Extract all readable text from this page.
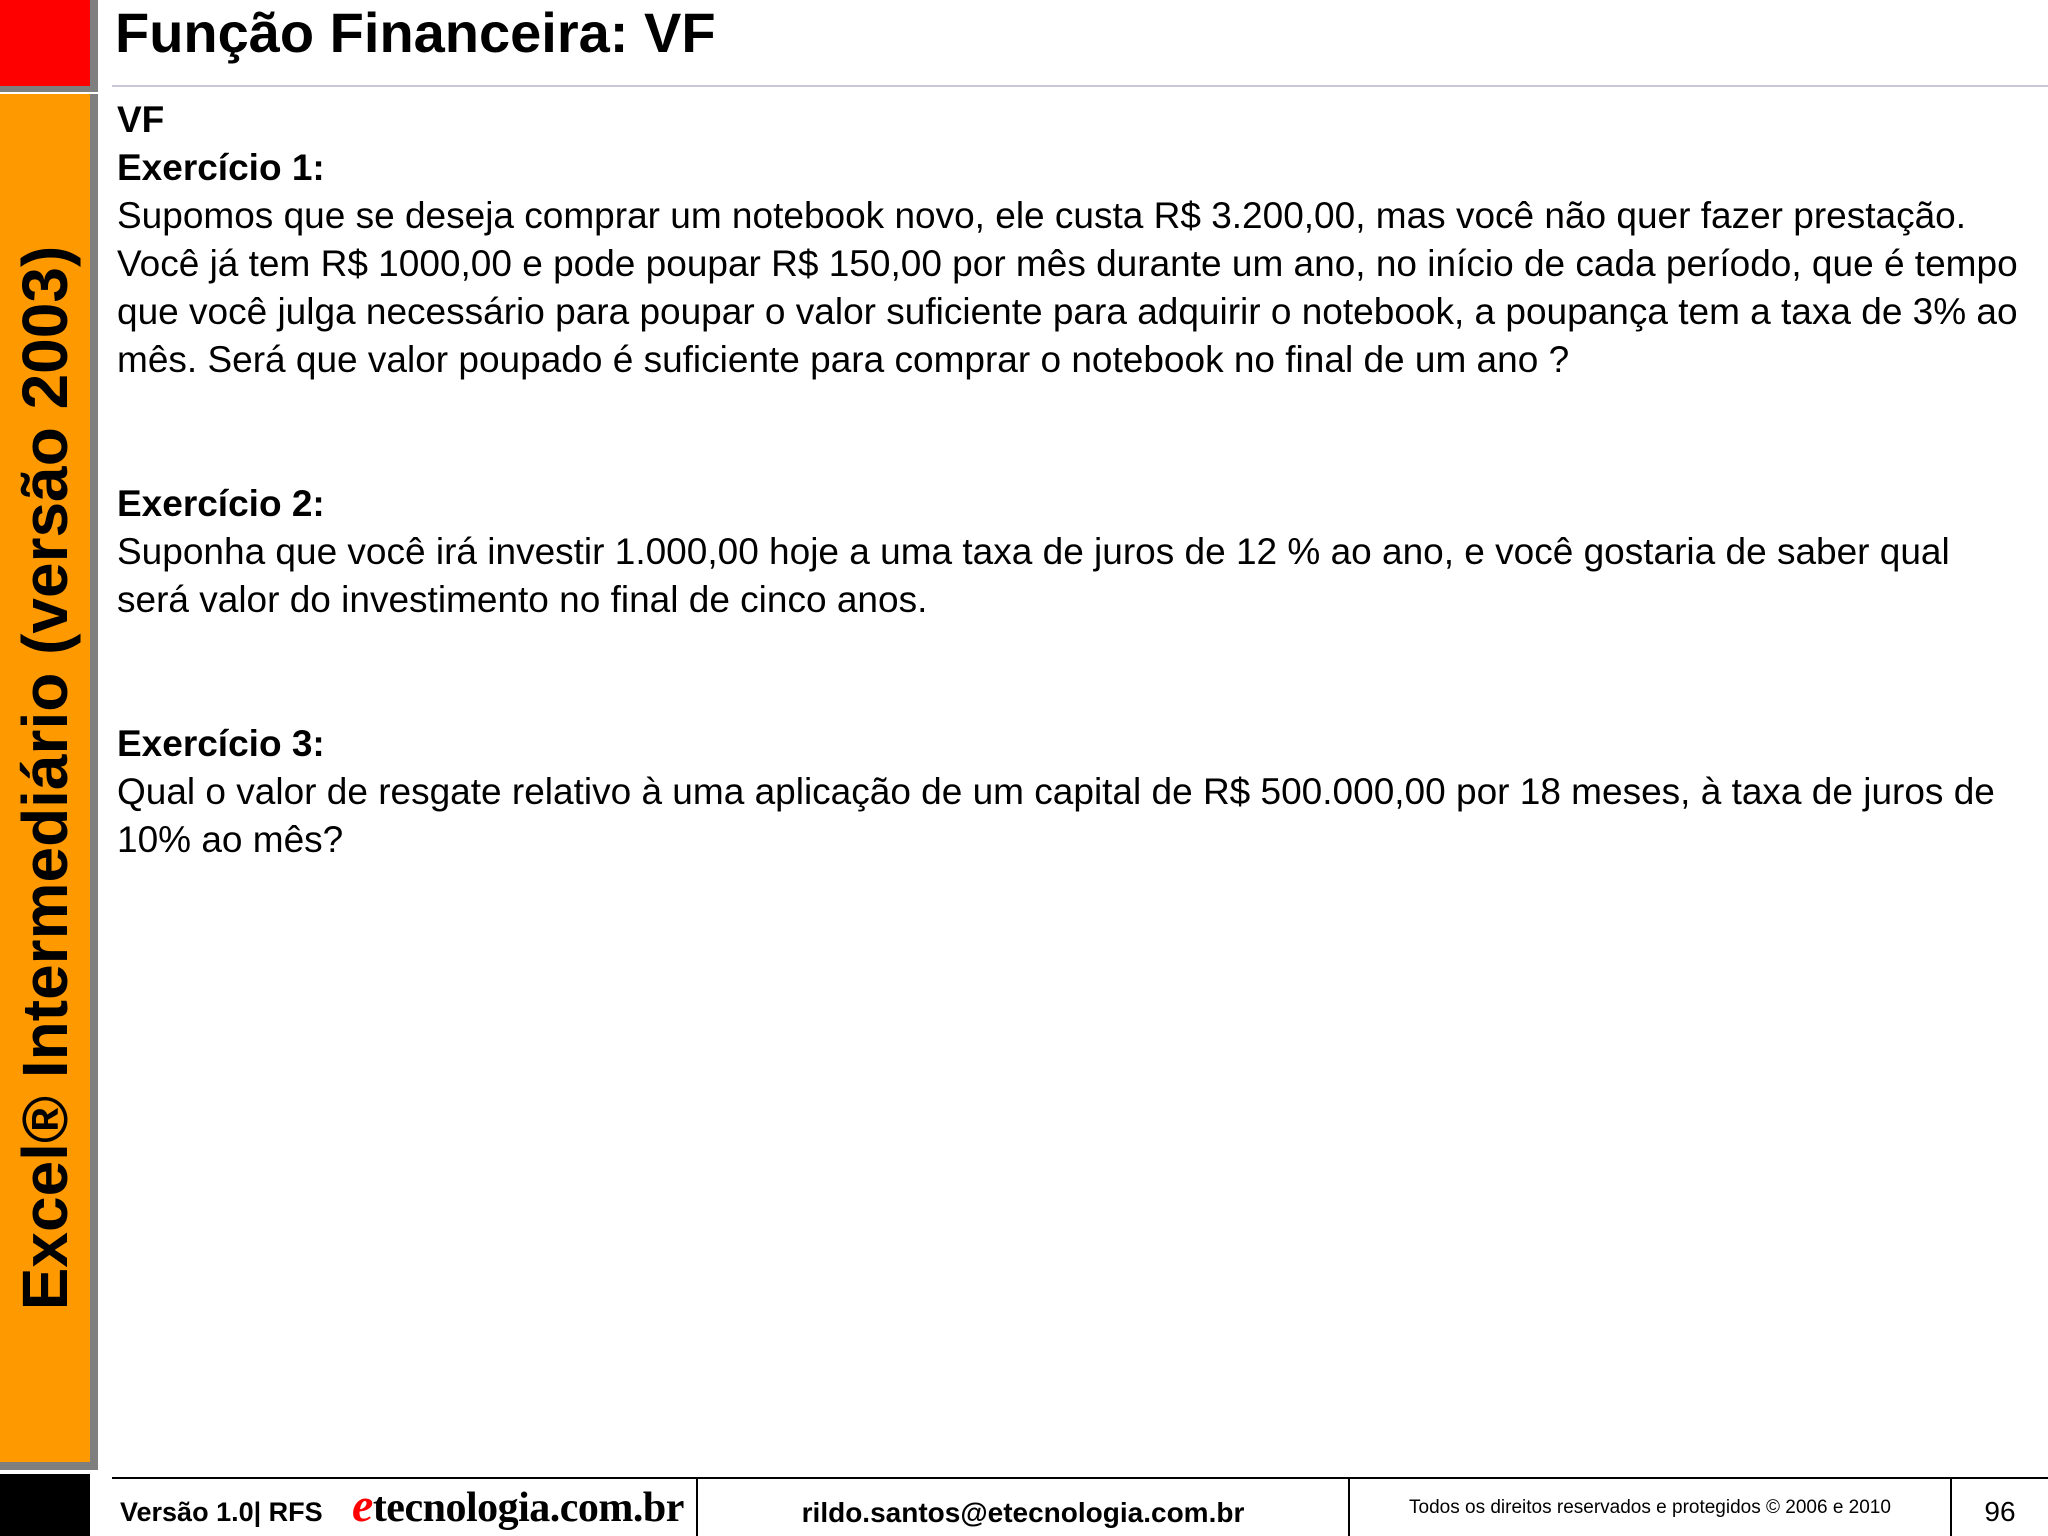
Excel® Intermediário (versão 2003)
Função Financeira: VF

VF

Exercício 1:

Supomos que se deseja comprar um notebook novo, ele custa R$ 3.200,00, mas você não quer fazer prestação.

Você já tem R$ 1000,00 e pode poupar R$ 150,00 por mês durante um ano, no início de cada período, que é tempo que você julga necessário para poupar o valor suficiente para adquirir o notebook, a poupança tem a taxa de 3% ao mês. Será que valor poupado é suficiente para comprar o notebook no final de um ano ?

Exercício 2:

Suponha que você irá investir 1.000,00 hoje a uma taxa de juros de 12 % ao ano, e você gostaria de saber qual será valor do investimento no final de cinco anos.

Exercício 3:

Qual o valor de resgate relativo à uma aplicação de um capital de R$ 500.000,00 por 18 meses, à taxa de juros de 10% ao mês?

Versão 1.0| RFS etecnologia.com.br	rildo.santos@etecnologia.com.br	Todos os direitos reservados e protegidos © 2006 e 2010	96
